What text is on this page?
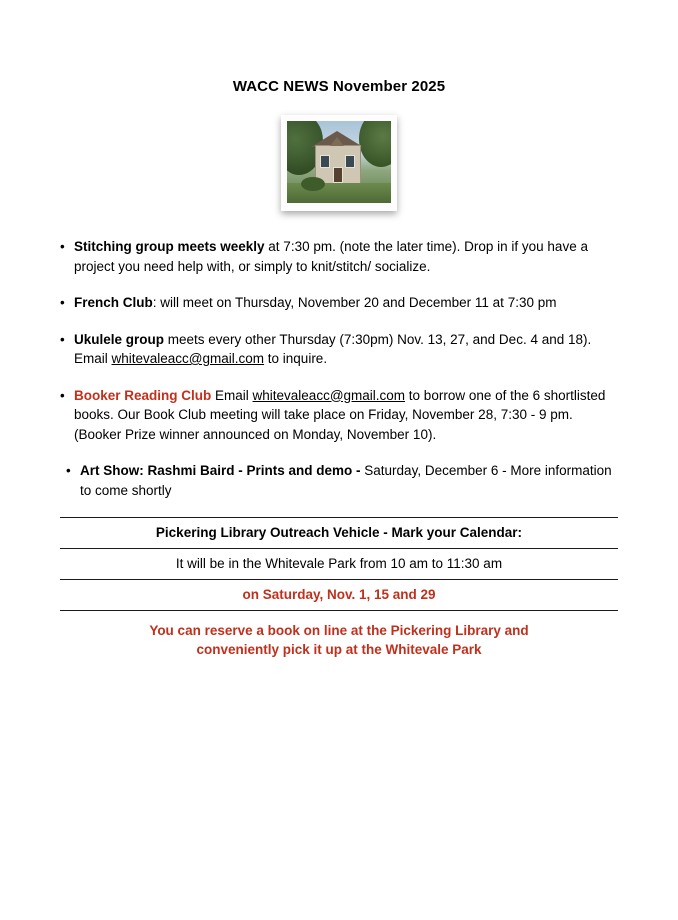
WACC NEWS November 2025
• Stitching group meets weekly at 7:30 pm. (note the later time). Drop in if you have a project you need help with, or simply to knit/stitch/ socialize.
• French Club: will meet on Thursday, November 20 and December 11 at 7:30 pm
• Ukulele group meets every other Thursday (7:30pm) Nov. 13, 27, and Dec. 4 and 18). Email whitevaleacc@gmail.com to inquire.
• Booker Reading Club Email whitevaleacc@gmail.com to borrow one of the 6 shortlisted books. Our Book Club meeting will take place on Friday, November 28, 7:30 - 9 pm. (Booker Prize winner announced on Monday, November 10).
• Art Show: Rashmi Baird - Prints and demo - Saturday, December 6 - More information to come shortly
Pickering Library Outreach Vehicle - Mark your Calendar:
It will be in the Whitevale Park from 10 am to 11:30 am
on Saturday, Nov. 1, 15 and 29
You can reserve a book on line at the Pickering Library and
conveniently pick it up at the Whitevale Park
